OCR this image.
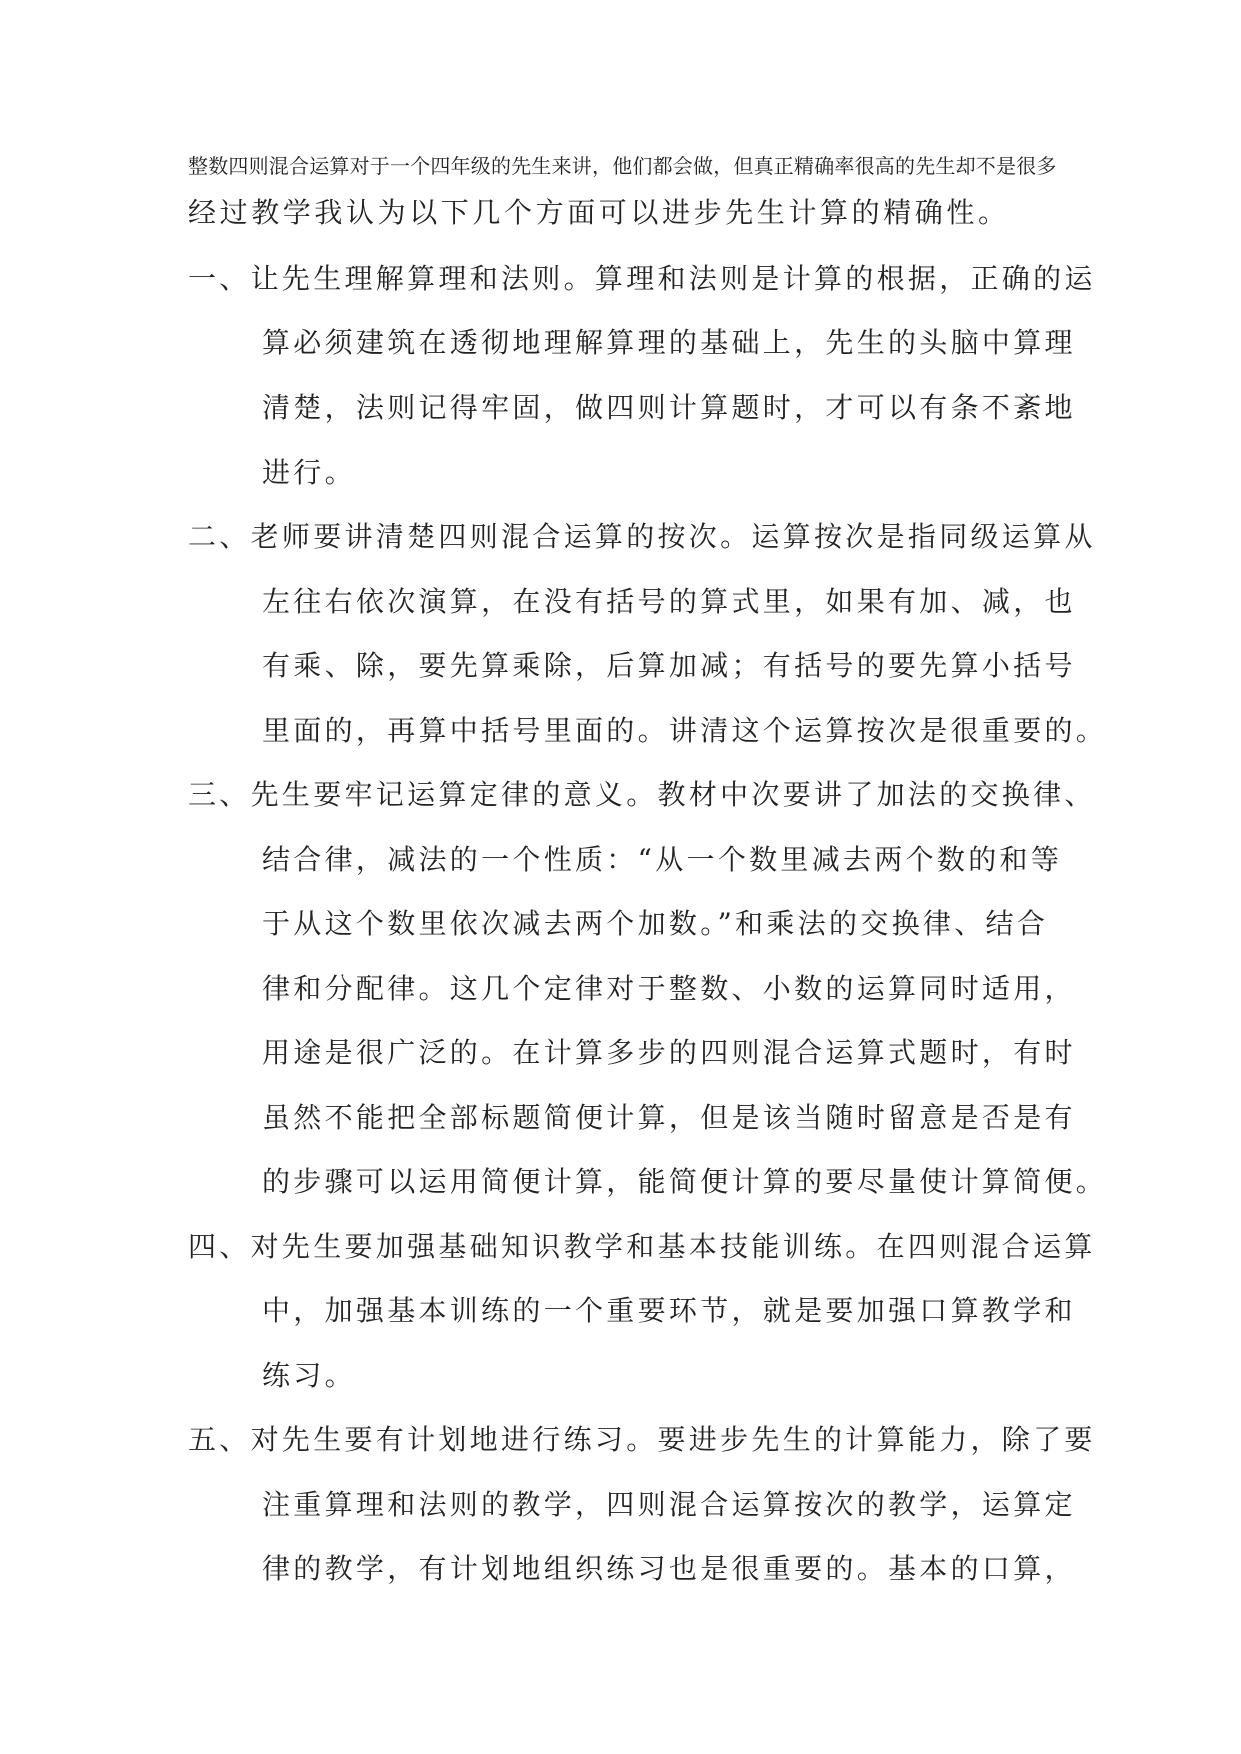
整数四则混合运算对于一个四年级的先生来讲，他们都会做，但真正精确率很高的先生却不是很多
经过教学我认为以下几个方面可以进步先生计算的精确性。
一、让先生理解算理和法则。算理和法则是计算的根据，正确的运
算必须建筑在透彻地理解算理的基础上，先生的头脑中算理
清楚，法则记得牢固，做四则计算题时，才可以有条不紊地
进行。
二、老师要讲清楚四则混合运算的按次。运算按次是指同级运算从
左往右依次演算，在没有括号的算式里，如果有加、减，也
有乘、除，要先算乘除，后算加减；有括号的要先算小括号
里面的，再算中括号里面的。讲清这个运算按次是很重要的。
三、先生要牢记运算定律的意义。教材中次要讲了加法的交换律、
结合律，减法的一个性质：“从一个数里减去两个数的和等
于从这个数里依次减去两个加数。”和乘法的交换律、结合
律和分配律。这几个定律对于整数、小数的运算同时适用，
用途是很广泛的。在计算多步的四则混合运算式题时，有时
虽然不能把全部标题简便计算，但是该当随时留意是否是有
的步骤可以运用简便计算，能简便计算的要尽量使计算简便。
四、对先生要加强基础知识教学和基本技能训练。在四则混合运算
中，加强基本训练的一个重要环节，就是要加强口算教学和
练习。
五、对先生要有计划地进行练习。要进步先生的计算能力，除了要
注重算理和法则的教学，四则混合运算按次的教学，运算定
律的教学，有计划地组织练习也是很重要的。基本的口算，
